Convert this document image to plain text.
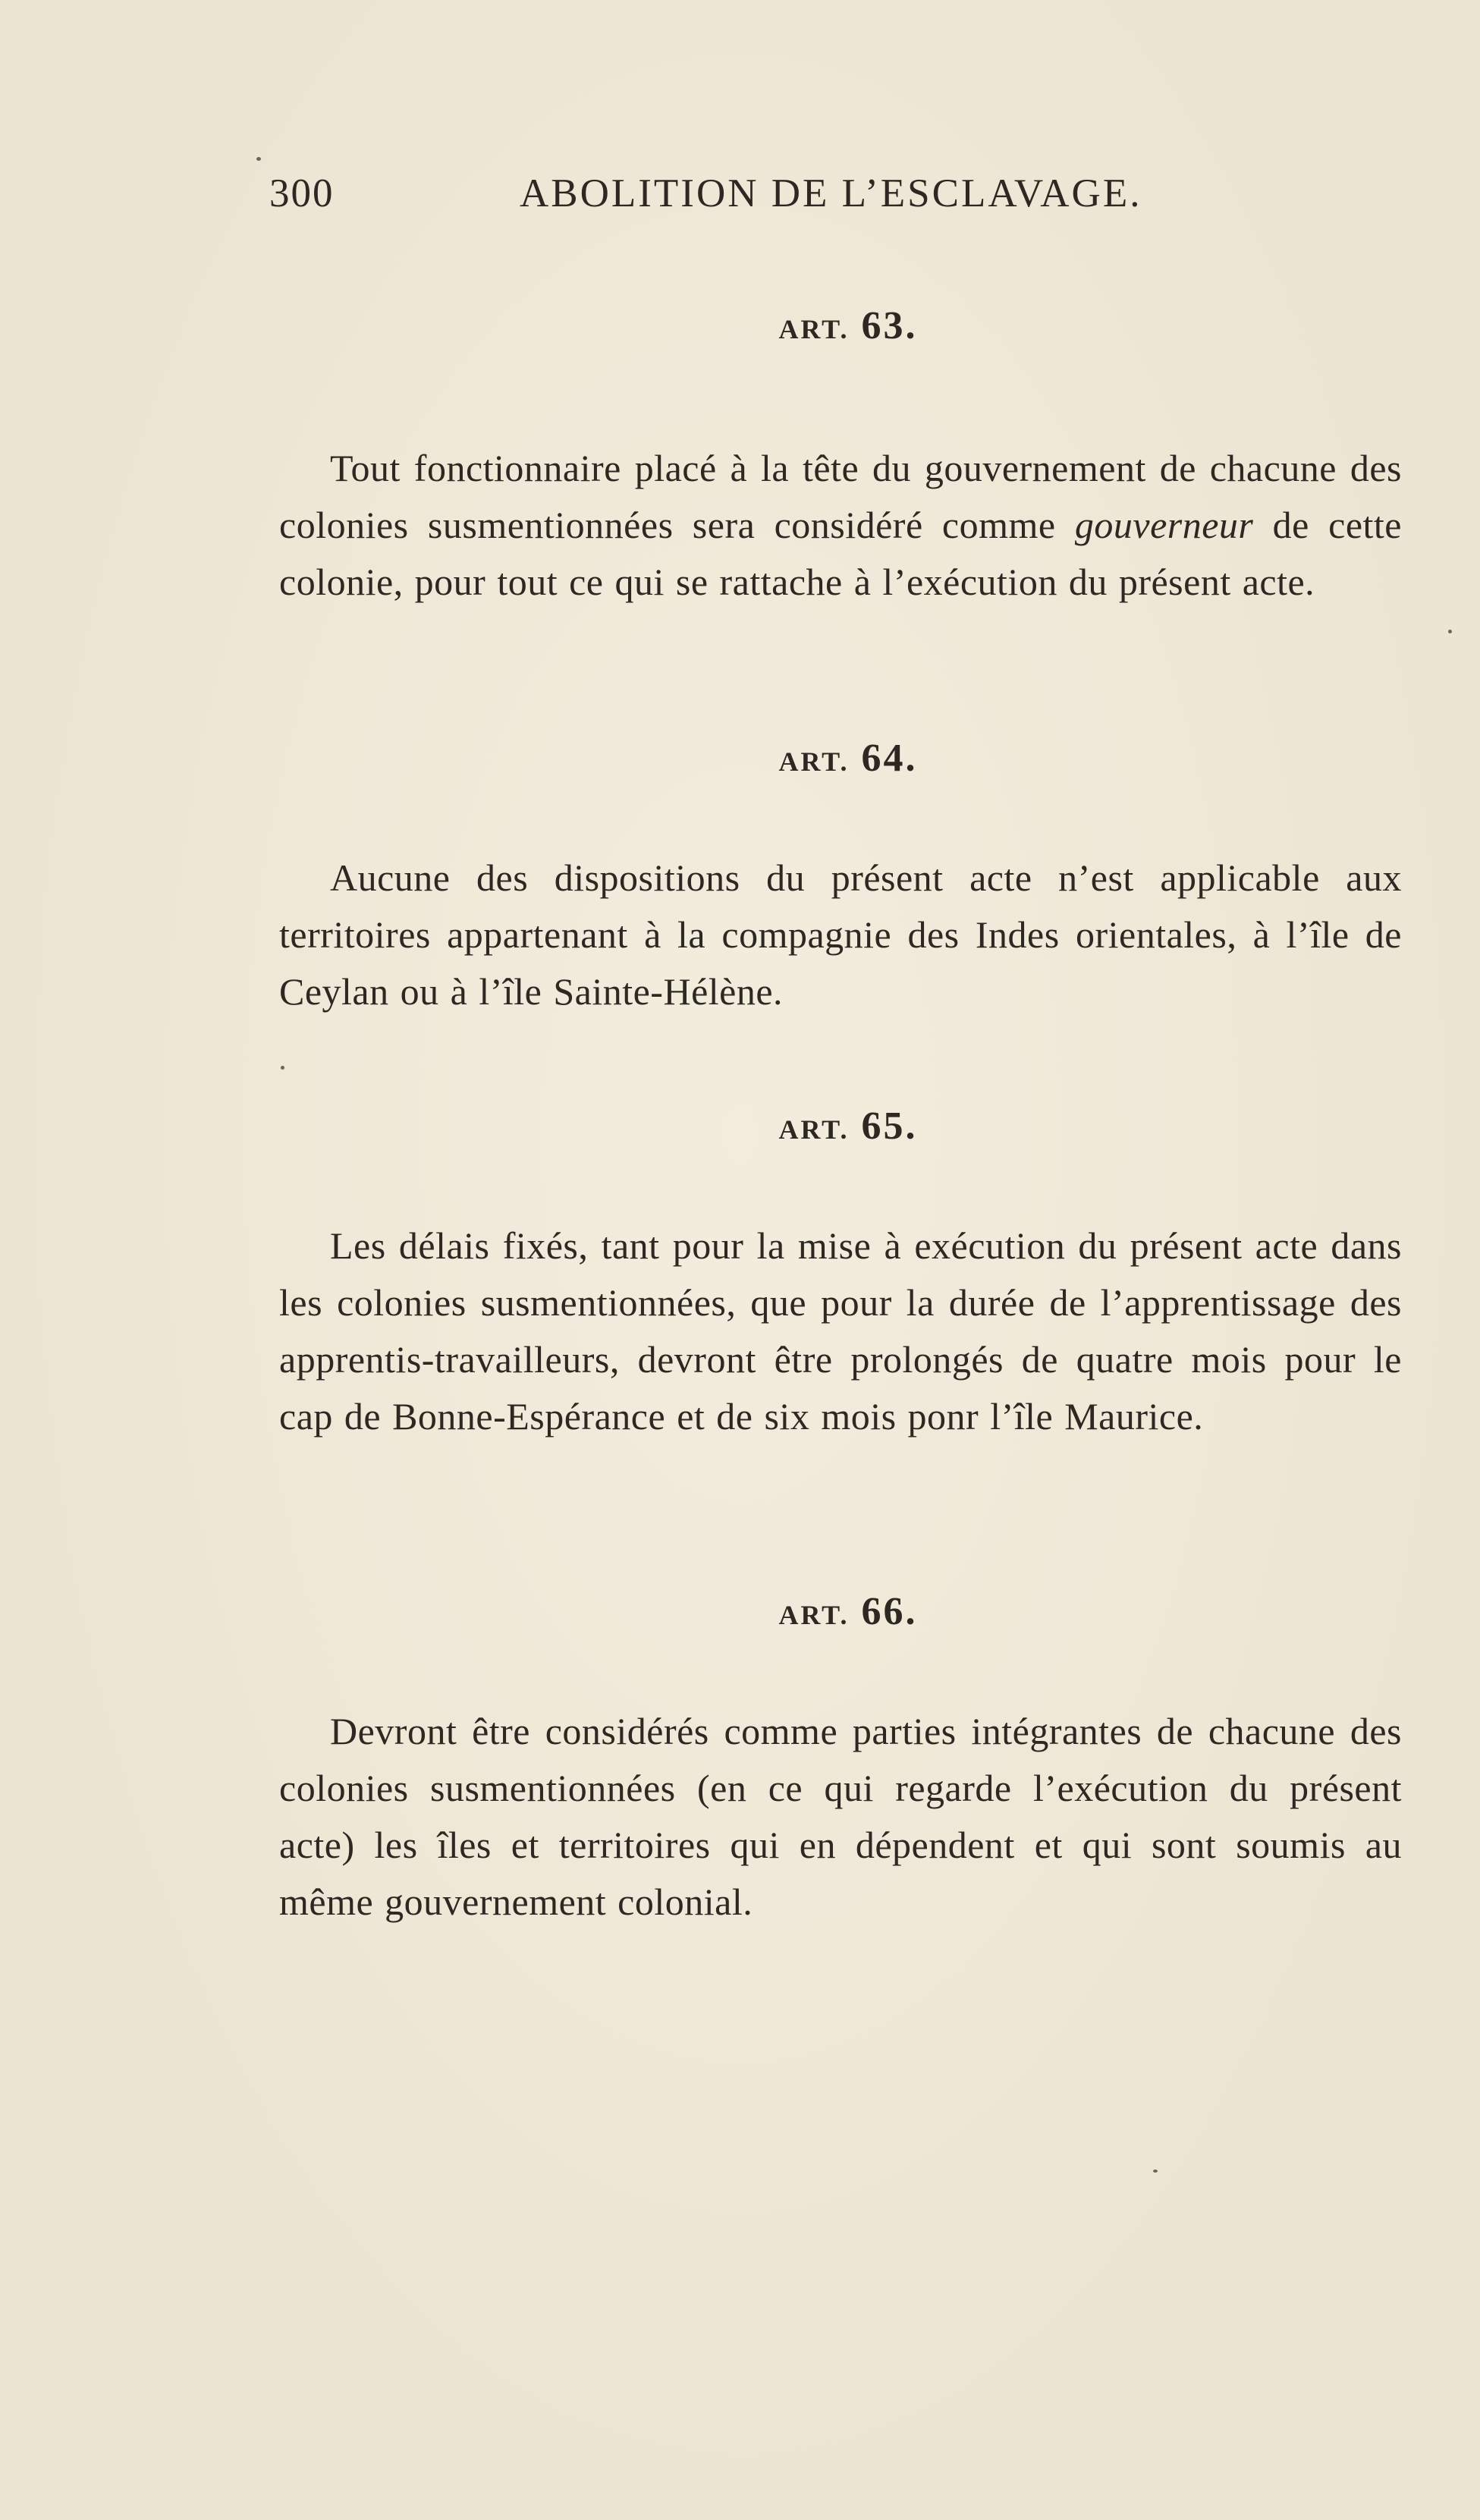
300	ABOLITION DE L’ESCLAVAGE.
ART. 63.

Tout fonctionnaire placé à la tête du gouvernement de chacune des colonies susmentionnées sera considéré comme gouverneur de cette colonie, pour tout ce qui se rattache à l’exécution du présent acte.

ART. 64.

Aucune des dispositions du présent acte n’est applicable aux territoires appartenant à la compagnie des Indes orientales, à l’île de Ceylan ou à l’île Sainte-Hélène.

ART. 65.

Les délais fixés, tant pour la mise à exécution du présent acte dans les colonies susmentionnées, que pour la durée de l’apprentissage des apprentis-travailleurs, devront être prolongés de quatre mois pour le cap de Bonne-Espérance et de six mois ponr l’île Maurice.

ART. 66.

Devront être considérés comme parties intégrantes de chacune des colonies susmentionnées (en ce qui regarde l’exécution du présent acte) les îles et territoires qui en dépendent et qui sont soumis au même gouvernement colonial.
